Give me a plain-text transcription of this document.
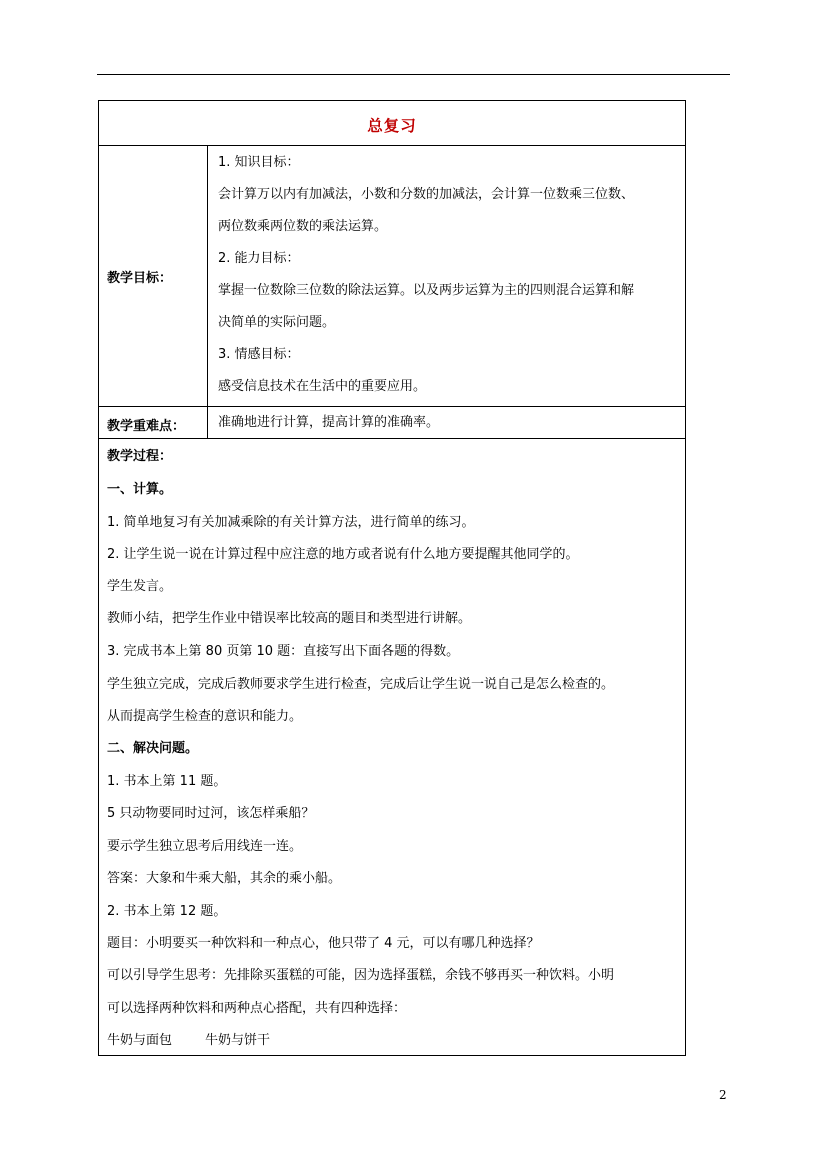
总复习
教学目标：
1. 知识目标：
会计算万以内有加减法，小数和分数的加减法，会计算一位数乘三位数、
两位数乘两位数的乘法运算。
2. 能力目标：
掌握一位数除三位数的除法运算。以及两步运算为主的四则混合运算和解
决简单的实际问题。
3. 情感目标：
感受信息技术在生活中的重要应用。
教学重难点：	准确地进行计算，提高计算的准确率。
教学过程：
一、计算。
1. 简单地复习有关加减乘除的有关计算方法，进行简单的练习。
2. 让学生说一说在计算过程中应注意的地方或者说有什么地方要提醒其他同学的。
学生发言。
教师小结，把学生作业中错误率比较高的题目和类型进行讲解。
3. 完成书本上第 80 页第 10 题：直接写出下面各题的得数。
学生独立完成，完成后教师要求学生进行检查，完成后让学生说一说自己是怎么检查的。
从而提高学生检查的意识和能力。
二、解决问题。
1. 书本上第 11 题。
5 只动物要同时过河，该怎样乘船？
要示学生独立思考后用线连一连。
答案：大象和牛乘大船，其余的乘小船。
2. 书本上第 12 题。
题目：小明要买一种饮料和一种点心，他只带了 4 元，可以有哪几种选择？
可以引导学生思考：先排除买蛋糕的可能，因为选择蛋糕，余钱不够再买一种饮料。小明
可以选择两种饮料和两种点心搭配，共有四种选择：
牛奶与面包        牛奶与饼干
2
